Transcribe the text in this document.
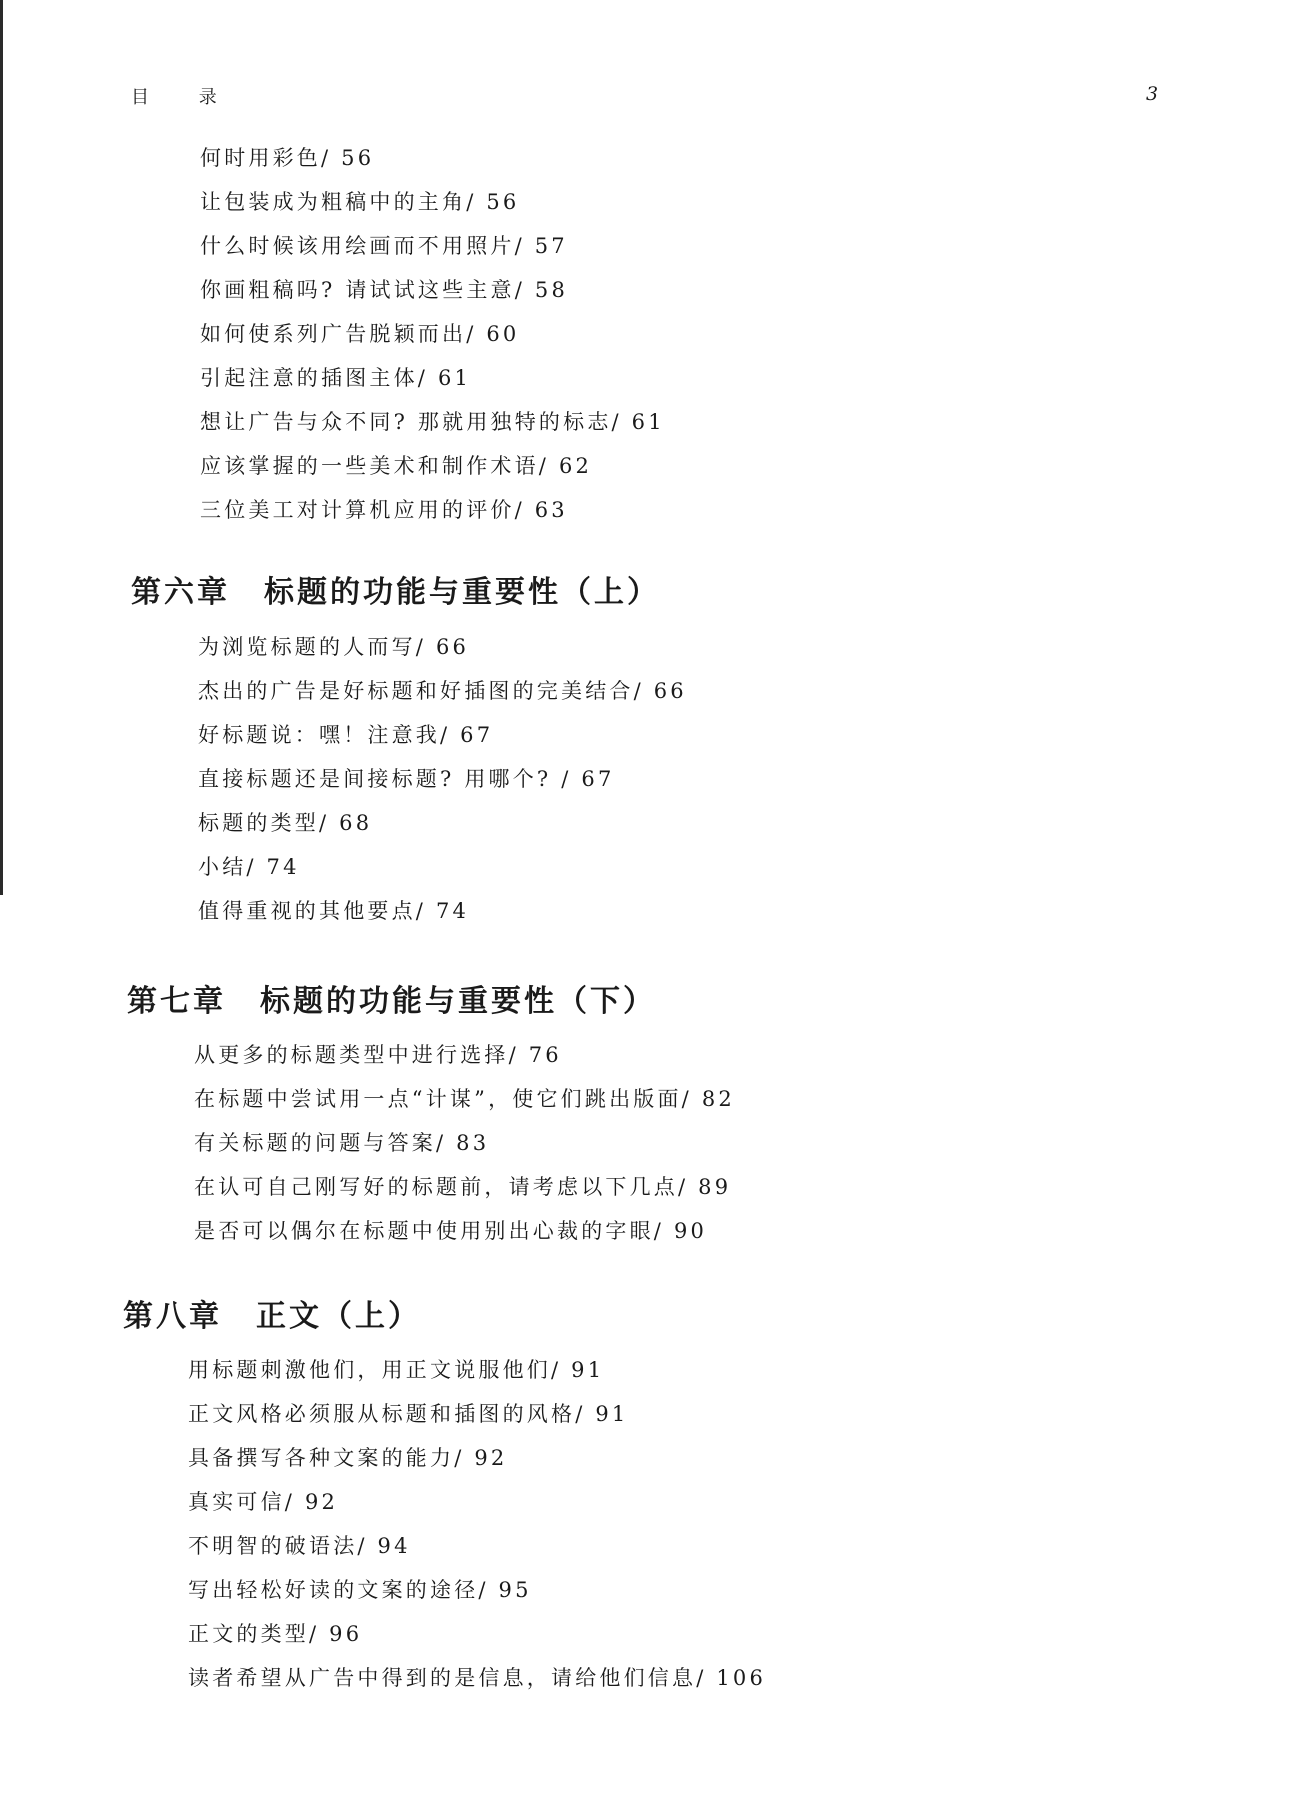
目 录	3
何时用彩色/ 56
让包装成为粗稿中的主角/ 56
什么时候该用绘画而不用照片/ 57
你画粗稿吗? 请试试这些主意/ 58
如何使系列广告脱颖而出/ 60
引起注意的插图主体/ 61
想让广告与众不同? 那就用独特的标志/ 61
应该掌握的一些美术和制作术语/ 62
三位美工对计算机应用的评价/ 63
第六章 标题的功能与重要性（上）
为浏览标题的人而写/ 66
杰出的广告是好标题和好插图的完美结合/ 66
好标题说：嘿！注意我/ 67
直接标题还是间接标题? 用哪个? / 67
标题的类型/ 68
小结/ 74
值得重视的其他要点/ 74
第七章 标题的功能与重要性（下）
从更多的标题类型中进行选择/ 76
在标题中尝试用一点“计谋”，使它们跳出版面/ 82
有关标题的问题与答案/ 83
在认可自己刚写好的标题前，请考虑以下几点/ 89
是否可以偶尔在标题中使用别出心裁的字眼/ 90
第八章 正文（上）
用标题刺激他们，用正文说服他们/ 91
正文风格必须服从标题和插图的风格/ 91
具备撰写各种文案的能力/ 92
真实可信/ 92
不明智的破语法/ 94
写出轻松好读的文案的途径/ 95
正文的类型/ 96
读者希望从广告中得到的是信息，请给他们信息/ 106
